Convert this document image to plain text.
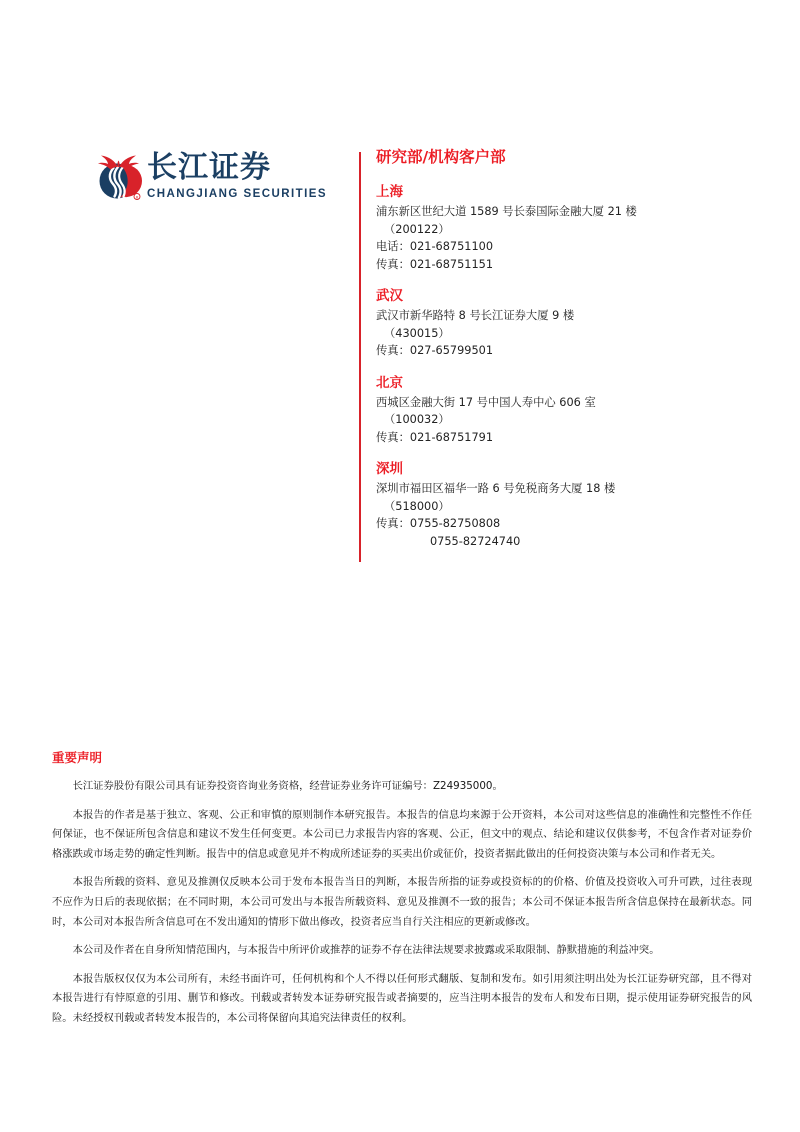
R
长江证券
CHANGJIANG SECURITIES
研究部/机构客户部
上海
浦东新区世纪大道 1589 号长泰国际金融大厦 21 楼
（200122）
电话：021-68751100
传真：021-68751151
武汉
武汉市新华路特 8 号长江证券大厦 9 楼
（430015）
传真：027-65799501
北京
西城区金融大街 17 号中国人寿中心 606 室
（100032）
传真：021-68751791
深圳
深圳市福田区福华一路 6 号免税商务大厦 18 楼
（518000）
传真：0755-82750808
0755-82724740
重要声明

长江证券股份有限公司具有证券投资咨询业务资格，经营证券业务许可证编号：Z24935000。

本报告的作者是基于独立、客观、公正和审慎的原则制作本研究报告。本报告的信息均来源于公开资料，本公司对这些信息的准确性和完整性不作任何保证，也不保证所包含信息和建议不发生任何变更。本公司已力求报告内容的客观、公正，但文中的观点、结论和建议仅供参考，不包含作者对证券价格涨跌或市场走势的确定性判断。报告中的信息或意见并不构成所述证券的买卖出价或征价，投资者据此做出的任何投资决策与本公司和作者无关。

本报告所载的资料、意见及推测仅反映本公司于发布本报告当日的判断，本报告所指的证券或投资标的的价格、价值及投资收入可升可跌，过往表现不应作为日后的表现依据；在不同时期，本公司可发出与本报告所载资料、意见及推测不一致的报告；本公司不保证本报告所含信息保持在最新状态。同时，本公司对本报告所含信息可在不发出通知的情形下做出修改，投资者应当自行关注相应的更新或修改。

本公司及作者在自身所知情范围内，与本报告中所评价或推荐的证券不存在法律法规要求披露或采取限制、静默措施的利益冲突。

本报告版权仅仅为本公司所有，未经书面许可，任何机构和个人不得以任何形式翻版、复制和发布。如引用须注明出处为长江证券研究部，且不得对本报告进行有悖原意的引用、删节和修改。刊载或者转发本证券研究报告或者摘要的，应当注明本报告的发布人和发布日期，提示使用证券研究报告的风险。未经授权刊载或者转发本报告的，本公司将保留向其追究法律责任的权利。
